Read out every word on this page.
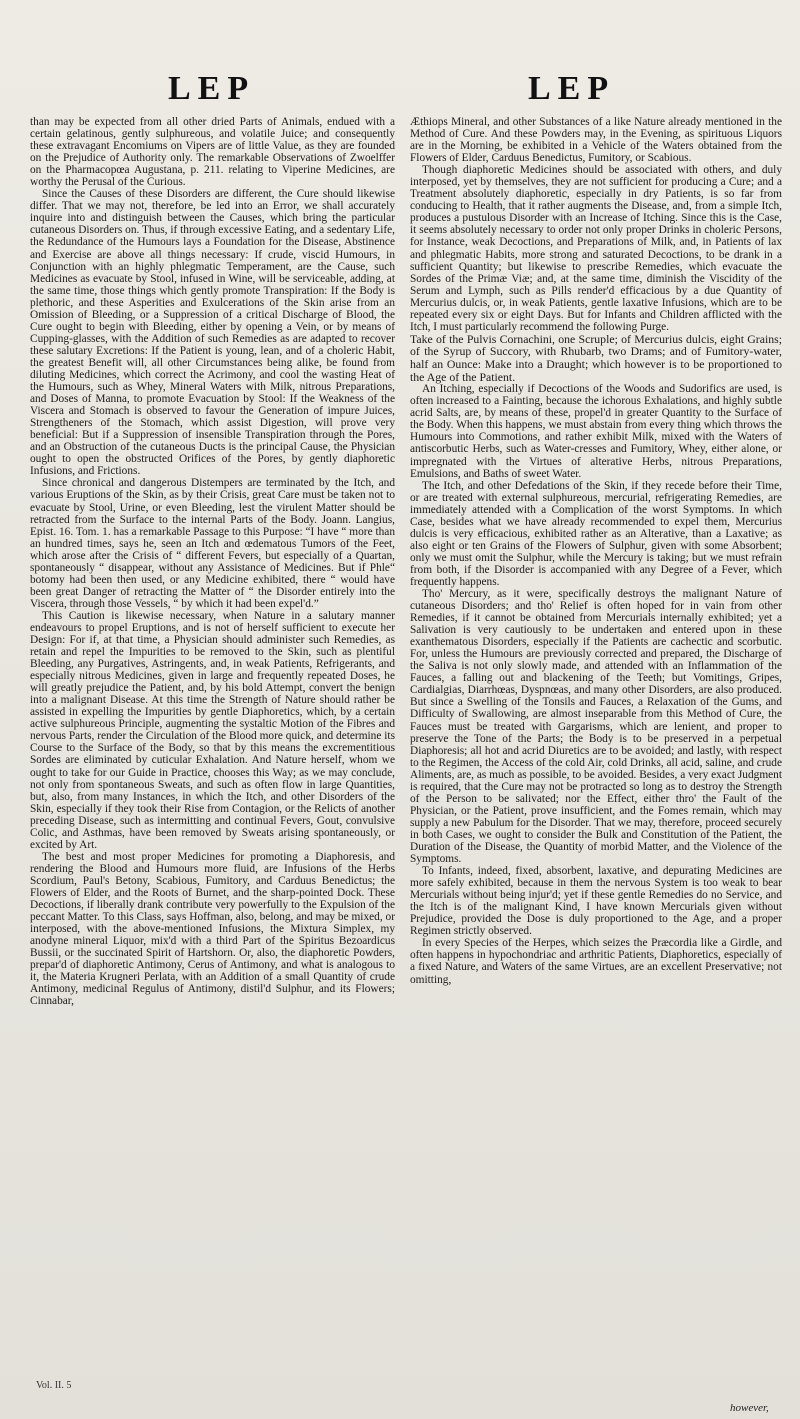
LEP	LEP

than may be expected from all other dried Parts of Animals, endued with a certain gelatinous, gently sulphureous, and volatile Juice; and consequently these extravagant Encomiums on Vipers are of little Value, as they are founded on the Prejudice of Authority only. The remarkable Observations of Zwoelffer on the Pharmacopœa Augustana, p. 211. relating to Viperine Medicines, are worthy the Perusal of the Curious.

Since the Causes of these Disorders are different, the Cure should likewise differ. That we may not, therefore, be led into an Error, we shall accurately inquire into and distinguish between the Causes, which bring the particular cutaneous Disorders on. Thus, if through excessive Eating, and a sedentary Life, the Redundance of the Humours lays a Foundation for the Disease, Abstinence and Exercise are above all things necessary: If crude, viscid Humours, in Conjunction with an highly phlegmatic Temperament, are the Cause, such Medicines as evacuate by Stool, infused in Wine, will be serviceable, adding, at the same time, those things which gently promote Transpiration: If the Body is plethoric, and these Asperities and Exulcerations of the Skin arise from an Omission of Bleeding, or a Suppression of a critical Discharge of Blood, the Cure ought to begin with Bleeding, either by opening a Vein, or by means of Cupping-glasses, with the Addition of such Remedies as are adapted to recover these salutary Excretions: If the Patient is young, lean, and of a choleric Habit, the greatest Benefit will, all other Circumstances being alike, be found from diluting Medicines, which correct the Acrimony, and cool the wasting Heat of the Humours, such as Whey, Mineral Waters with Milk, nitrous Preparations, and Doses of Manna, to promote Evacuation by Stool: If the Weakness of the Viscera and Stomach is observed to favour the Generation of impure Juices, Strengtheners of the Stomach, which assist Digestion, will prove very beneficial: But if a Suppression of insensible Transpiration through the Pores, and an Obstruction of the cutaneous Ducts is the principal Cause, the Physician ought to open the obstructed Orifices of the Pores, by gently diaphoretic Infusions, and Frictions.

Since chronical and dangerous Distempers are terminated by the Itch, and various Eruptions of the Skin, as by their Crisis, great Care must be taken not to evacuate by Stool, Urine, or even Bleeding, lest the virulent Matter should be retracted from the Surface to the internal Parts of the Body. Joann. Langius, Epist. 16. Tom. 1. has a remarkable Passage to this Purpose: “I have “ more than an hundred times, says he, seen an Itch and œdematous Tumors of the Feet, which arose after the Crisis of “ different Fevers, but especially of a Quartan, spontaneously “ disappear, without any Assistance of Medicines. But if Phle“ botomy had been then used, or any Medicine exhibited, there “ would have been great Danger of retracting the Matter of “ the Disorder entirely into the Viscera, through those Vessels, “ by which it had been expel'd.”

This Caution is likewise necessary, when Nature in a salutary manner endeavours to propel Eruptions, and is not of herself sufficient to execute her Design: For if, at that time, a Physician should administer such Remedies, as retain and repel the Impurities to be removed to the Skin, such as plentiful Bleeding, any Purgatives, Astringents, and, in weak Patients, Refrigerants, and especially nitrous Medicines, given in large and frequently repeated Doses, he will greatly prejudice the Patient, and, by his bold Attempt, convert the benign into a malignant Disease. At this time the Strength of Nature should rather be assisted in expelling the Impurities by gentle Diaphoretics, which, by a certain active sulphureous Principle, augmenting the systaltic Motion of the Fibres and nervous Parts, render the Circulation of the Blood more quick, and determine its Course to the Surface of the Body, so that by this means the excrementitious Sordes are eliminated by cuticular Exhalation. And Nature herself, whom we ought to take for our Guide in Practice, chooses this Way; as we may conclude, not only from spontaneous Sweats, and such as often flow in large Quantities, but, also, from many Instances, in which the Itch, and other Disorders of the Skin, especially if they took their Rise from Contagion, or the Relicts of another preceding Disease, such as intermitting and continual Fevers, Gout, convulsive Colic, and Asthmas, have been removed by Sweats arising spontaneously, or excited by Art.

The best and most proper Medicines for promoting a Diaphoresis, and rendering the Blood and Humours more fluid, are Infusions of the Herbs Scordium, Paul's Betony, Scabious, Fumitory, and Carduus Benedictus; the Flowers of Elder, and the Roots of Burnet, and the sharp-pointed Dock. These Decoctions, if liberally drank contribute very powerfully to the Expulsion of the peccant Matter. To this Class, says Hoffman, also, belong, and may be mixed, or interposed, with the above-mentioned Infusions, the Mixtura Simplex, my anodyne mineral Liquor, mix'd with a third Part of the Spiritus Bezoardicus Bussii, or the succinated Spirit of Hartshorn. Or, also, the diaphoretic Powders, prepar'd of diaphoretic Antimony, Cerus of Antimony, and what is analogous to it, the Materia Krugneri Perlata, with an Addition of a small Quantity of crude Antimony, medicinal Regulus of Antimony, distil'd Sulphur, and its Flowers; Cinnabar,

Æthiops Mineral, and other Substances of a like Nature already mentioned in the Method of Cure. And these Powders may, in the Evening, as spirituous Liquors are in the Morning, be exhibited in a Vehicle of the Waters obtained from the Flowers of Elder, Carduus Benedictus, Fumitory, or Scabious.

Though diaphoretic Medicines should be associated with others, and duly interposed, yet by themselves, they are not sufficient for producing a Cure; and a Treatment absolutely diaphoretic, especially in dry Patients, is so far from conducing to Health, that it rather augments the Disease, and, from a simple Itch, produces a pustulous Disorder with an Increase of Itching. Since this is the Case, it seems absolutely necessary to order not only proper Drinks in choleric Persons, for Instance, weak Decoctions, and Preparations of Milk, and, in Patients of lax and phlegmatic Habits, more strong and saturated Decoctions, to be drank in a sufficient Quantity; but likewise to prescribe Remedies, which evacuate the Sordes of the Primæ Viæ; and, at the same time, diminish the Viscidity of the Serum and Lymph, such as Pills render'd efficacious by a due Quantity of Mercurius dulcis, or, in weak Patients, gentle laxative Infusions, which are to be repeated every six or eight Days. But for Infants and Children afflicted with the Itch, I must particularly recommend the following Purge.

Take of the Pulvis Cornachini, one Scruple; of Mercurius dulcis, eight Grains; of the Syrup of Succory, with Rhubarb, two Drams; and of Fumitory-water, half an Ounce: Make into a Draught; which however is to be proportioned to the Age of the Patient.

An Itching, especially if Decoctions of the Woods and Sudorifics are used, is often increased to a Fainting, because the ichorous Exhalations, and highly subtle acrid Salts, are, by means of these, propel'd in greater Quantity to the Surface of the Body. When this happens, we must abstain from every thing which throws the Humours into Commotions, and rather exhibit Milk, mixed with the Waters of antiscorbutic Herbs, such as Water-cresses and Fumitory, Whey, either alone, or impregnated with the Virtues of alterative Herbs, nitrous Preparations, Emulsions, and Baths of sweet Water.

The Itch, and other Defedations of the Skin, if they recede before their Time, or are treated with external sulphureous, mercurial, refrigerating Remedies, are immediately attended with a Complication of the worst Symptoms. In which Case, besides what we have already recommended to expel them, Mercurius dulcis is very efficacious, exhibited rather as an Alterative, than a Laxative; as also eight or ten Grains of the Flowers of Sulphur, given with some Absorbent; only we must omit the Sulphur, while the Mercury is taking; but we must refrain from both, if the Disorder is accompanied with any Degree of a Fever, which frequently happens.

Tho' Mercury, as it were, specifically destroys the malignant Nature of cutaneous Disorders; and tho' Relief is often hoped for in vain from other Remedies, if it cannot be obtained from Mercurials internally exhibited; yet a Salivation is very cautiously to be undertaken and entered upon in these exanthematous Disorders, especially if the Patients are cachectic and scorbutic. For, unless the Humours are previously corrected and prepared, the Discharge of the Saliva is not only slowly made, and attended with an Inflammation of the Fauces, a falling out and blackening of the Teeth; but Vomitings, Gripes, Cardialgias, Diarrhœas, Dyspnœas, and many other Disorders, are also produced. But since a Swelling of the Tonsils and Fauces, a Relaxation of the Gums, and Difficulty of Swallowing, are almost inseparable from this Method of Cure, the Fauces must be treated with Gargarisms, which are lenient, and proper to preserve the Tone of the Parts; the Body is to be preserved in a perpetual Diaphoresis; all hot and acrid Diuretics are to be avoided; and lastly, with respect to the Regimen, the Access of the cold Air, cold Drinks, all acid, saline, and crude Aliments, are, as much as possible, to be avoided. Besides, a very exact Judgment is required, that the Cure may not be protracted so long as to destroy the Strength of the Person to be salivated; nor the Effect, either thro' the Fault of the Physician, or the Patient, prove insufficient, and the Fomes remain, which may supply a new Pabulum for the Disorder. That we may, therefore, proceed securely in both Cases, we ought to consider the Bulk and Constitution of the Patient, the Duration of the Disease, the Quantity of morbid Matter, and the Violence of the Symptoms.

To Infants, indeed, fixed, absorbent, laxative, and depurating Medicines are more safely exhibited, because in them the nervous System is too weak to bear Mercurials without being injur'd; yet if these gentle Remedies do no Service, and the Itch is of the malignant Kind, I have known Mercurials given without Prejudice, provided the Dose is duly proportioned to the Age, and a proper Regimen strictly observed.

In every Species of the Herpes, which seizes the Præcordia like a Girdle, and often happens in hypochondriac and arthritic Patients, Diaphoretics, especially of a fixed Nature, and Waters of the same Virtues, are an excellent Preservative; not omitting,

Vol. II. 5
however,
